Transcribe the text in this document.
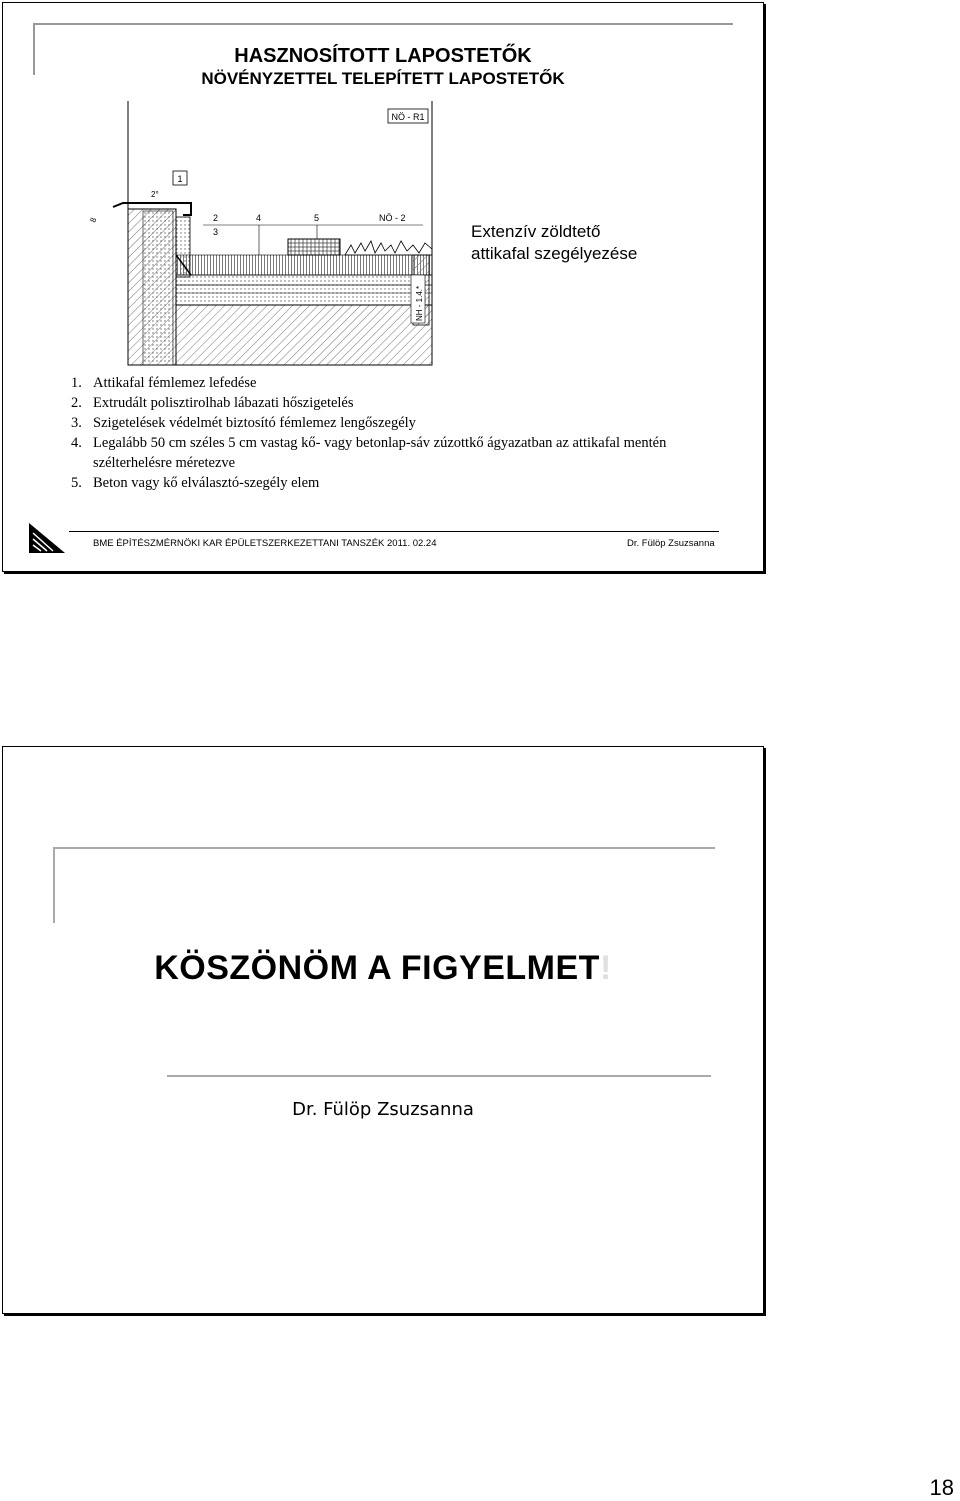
HASZNOSÍTOTT LAPOSTETŐK
NÖVÉNYZETTEL TELEPÍTETT LAPOSTETŐK
NÖ - R1
1
2°
8	2
3
4	5	NÖ - 2
NH - 1.4.*
Extenzív zöldtető
attikafal szegélyezése
1. Attikafal fémlemez lefedése
2. Extrudált polisztirolhab lábazati hőszigetelés
3. Szigetelések védelmét biztosító fémlemez lengőszegély
4. Legalább 50 cm széles 5 cm vastag kő- vagy betonlap-sáv zúzottkő ágyazatban az attikafal mentén szélterhelésre méretezve
5. Beton vagy kő elválasztó-szegély elem
BME ÉPÍTÉSZMÉRNÖKI KAR ÉPÜLETSZERKEZETTANI TANSZÉK 2011. 02.24	Dr. Fülöp Zsuzsanna
KÖSZÖNÖM A FIGYELMET!
Dr. Fülöp Zsuzsanna
18
